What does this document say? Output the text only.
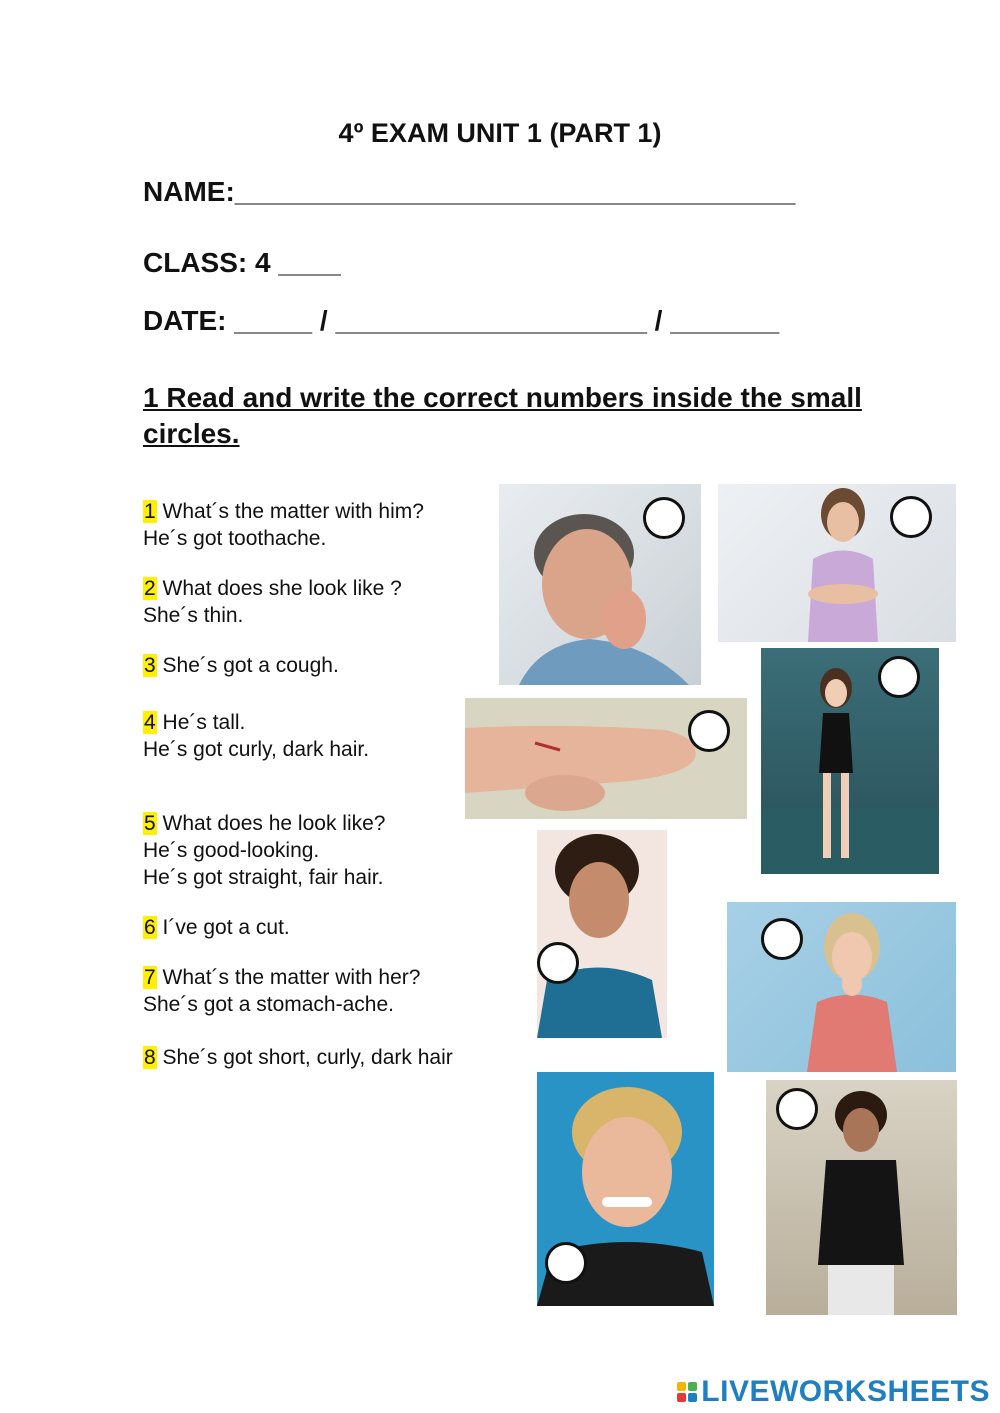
4º EXAM UNIT 1 (PART 1)
NAME:____________________________________
CLASS: 4 ____
DATE: _____ / ____________________ / _______
1 Read and write the correct numbers inside the small circles.
1 What´s the matter with him?
He´s got toothache.
2 What does she look like ?
She´s thin.
3 She´s got a cough.
4 He´s tall.
He´s got curly, dark hair.
5 What does he look like?
He´s good-looking.
He´s got straight, fair hair.
6 I´ve got a cut.
7 What´s the matter with her?
She´s got a stomach-ache.
8 She´s got short, curly, dark hair
LIVEWORKSHEETS
